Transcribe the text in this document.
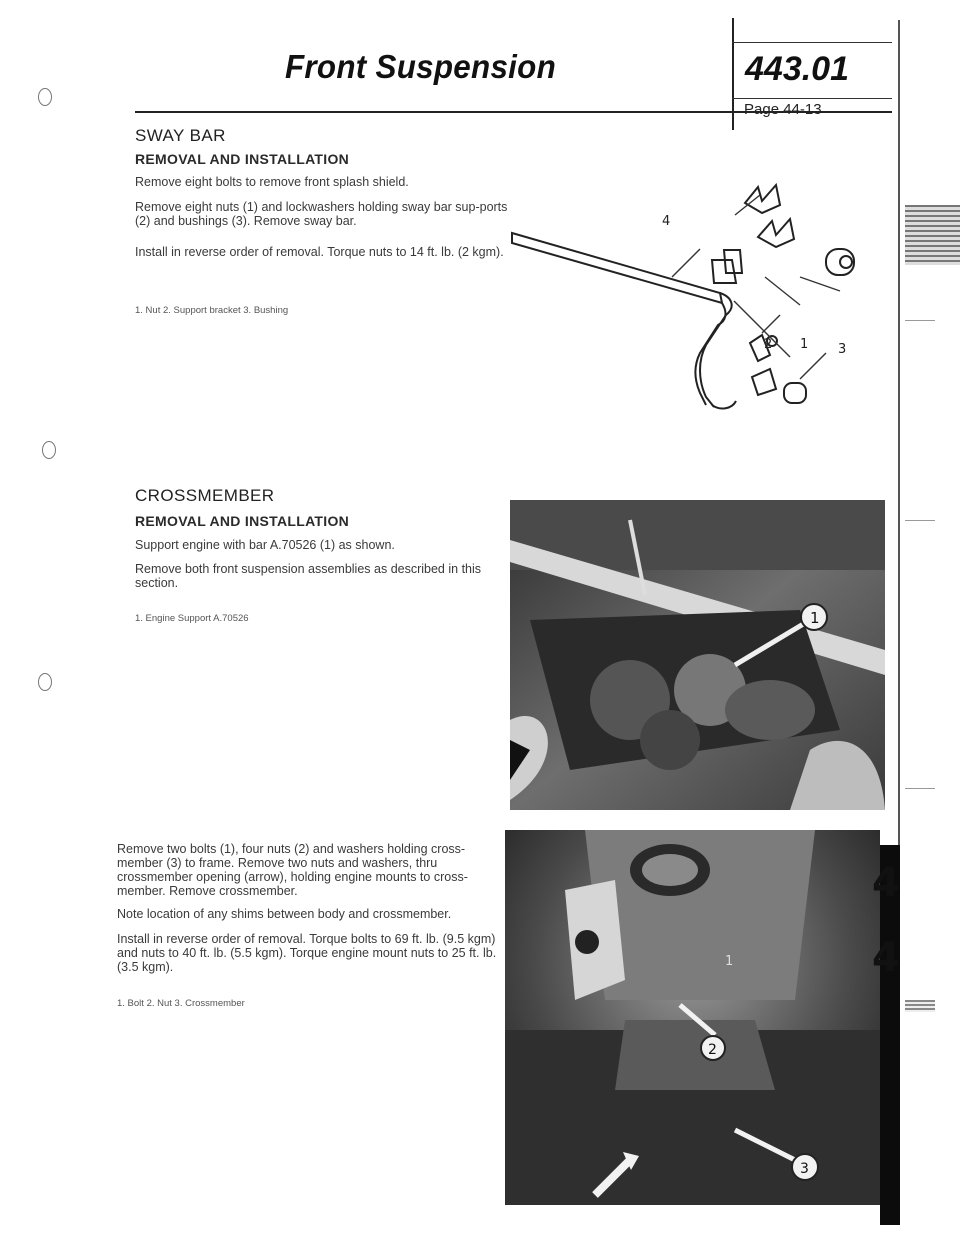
Front Suspension	443.01
Page 44-13
SWAY BAR
REMOVAL AND INSTALLATION
Remove eight bolts to remove front splash shield.
Remove eight nuts (1) and lockwashers holding sway bar sup-ports (2) and bushings (3). Remove sway bar.
Install in reverse order of removal. Torque nuts to 14 ft. lb. (2 kgm).
1. Nut 2. Support bracket 3. Bushing
4
2 1 3
CROSSMEMBER
REMOVAL AND INSTALLATION
Support engine with bar A.70526 (1) as shown.
Remove both front suspension assemblies as described in this section.
1. Engine Support A.70526	1
Remove two bolts (1), four nuts (2) and washers holding cross-member (3) to frame. Remove two nuts and washers, thru crossmember opening (arrow), holding engine mounts to cross-member. Remove crossmember.
Note location of any shims between body and crossmember.
Install in reverse order of removal. Torque bolts to 69 ft. lb. (9.5 kgm) and nuts to 40 ft. lb. (5.5 kgm). Torque engine mount nuts to 25 ft. lb. (3.5 kgm).
1. Bolt 2. Nut 3. Crossmember
2
3
1
4
4
